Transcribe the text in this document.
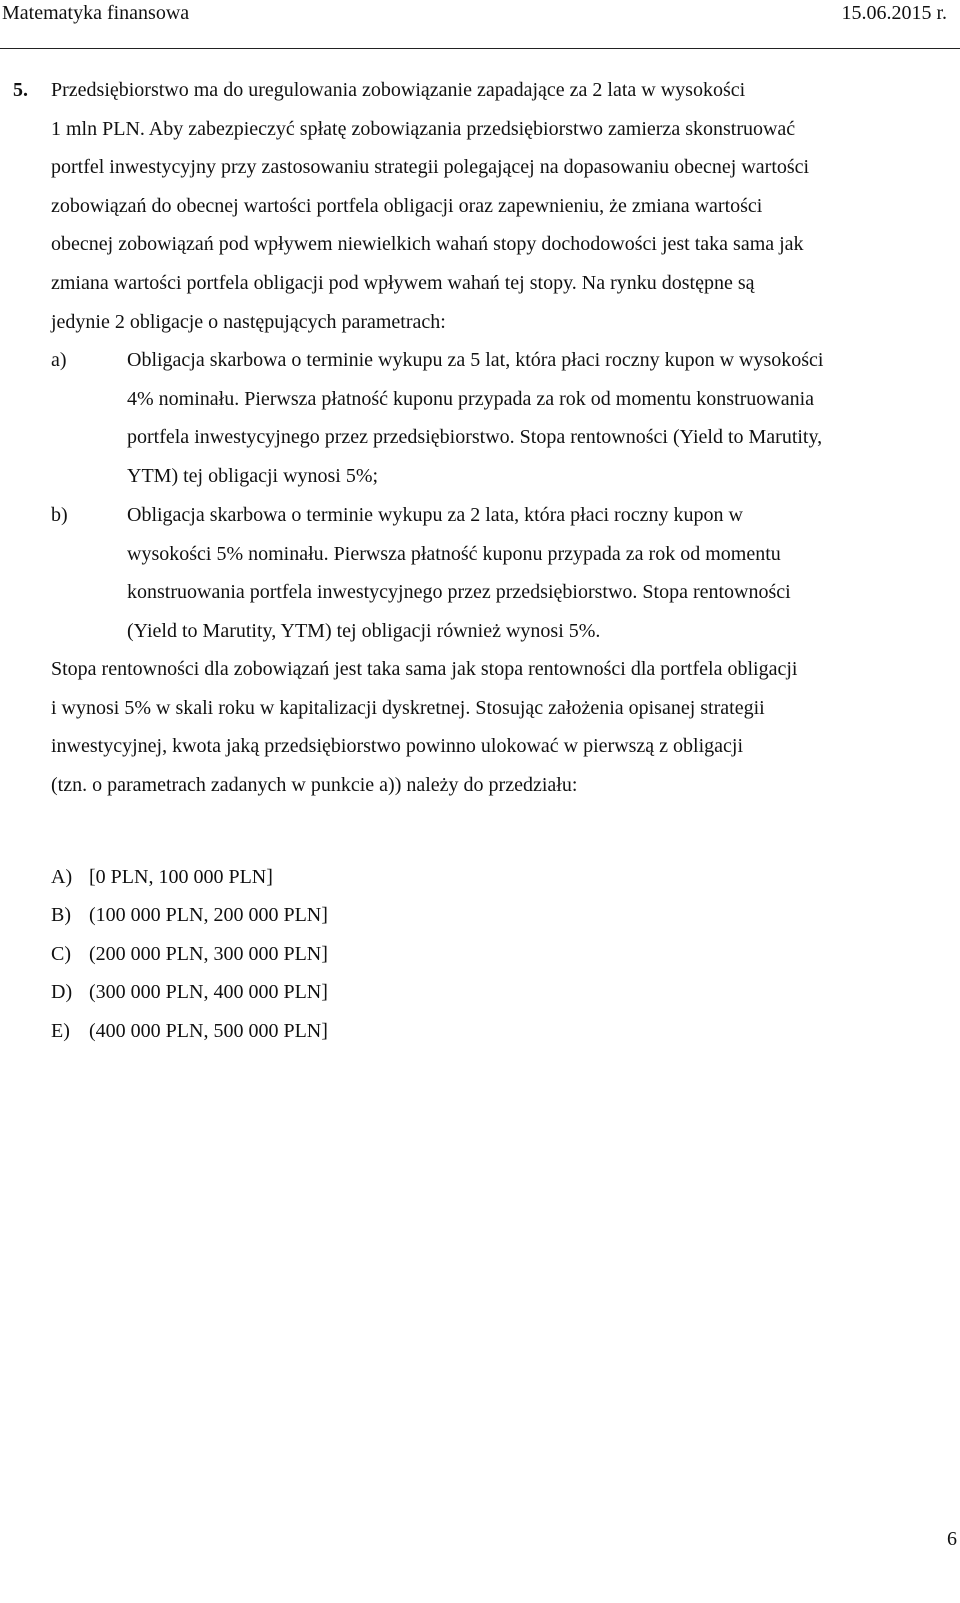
Matematyka finansowa	15.06.2015 r.
5. Przedsiębiorstwo ma do uregulowania zobowiązanie zapadające za 2 lata w wysokości

1 mln PLN. Aby zabezpieczyć spłatę zobowiązania przedsiębiorstwo zamierza skonstruować

portfel inwestycyjny przy zastosowaniu strategii polegającej na dopasowaniu obecnej wartości

zobowiązań do obecnej wartości portfela obligacji oraz zapewnieniu, że zmiana wartości

obecnej zobowiązań pod wpływem niewielkich wahań stopy dochodowości jest taka sama jak

zmiana wartości portfela obligacji pod wpływem wahań tej stopy. Na rynku dostępne są

jedynie 2 obligacje o następujących parametrach:

a)	Obligacja skarbowa o terminie wykupu za 5 lat, która płaci roczny kupon w wysokości

4% nominału. Pierwsza płatność kuponu przypada za rok od momentu konstruowania

portfela inwestycyjnego przez przedsiębiorstwo. Stopa rentowności (Yield to Marutity,

YTM) tej obligacji wynosi 5%;

b)	Obligacja skarbowa o terminie wykupu za 2 lata, która płaci roczny kupon w

wysokości 5% nominału. Pierwsza płatność kuponu przypada za rok od momentu

konstruowania portfela inwestycyjnego przez przedsiębiorstwo. Stopa rentowności

(Yield to Marutity, YTM) tej obligacji również wynosi 5%.

Stopa rentowności dla zobowiązań jest taka sama jak stopa rentowności dla portfela obligacji

i wynosi 5% w skali roku w kapitalizacji dyskretnej. Stosując założenia opisanej strategii

inwestycyjnej, kwota jaką przedsiębiorstwo powinno ulokować w pierwszą z obligacji

(tzn. o parametrach zadanych w punkcie a)) należy do przedziału:

A) [0 PLN, 100 000 PLN]
B) (100 000 PLN, 200 000 PLN]
C) (200 000 PLN, 300 000 PLN]
D) (300 000 PLN, 400 000 PLN]
E) (400 000 PLN, 500 000 PLN]
6
